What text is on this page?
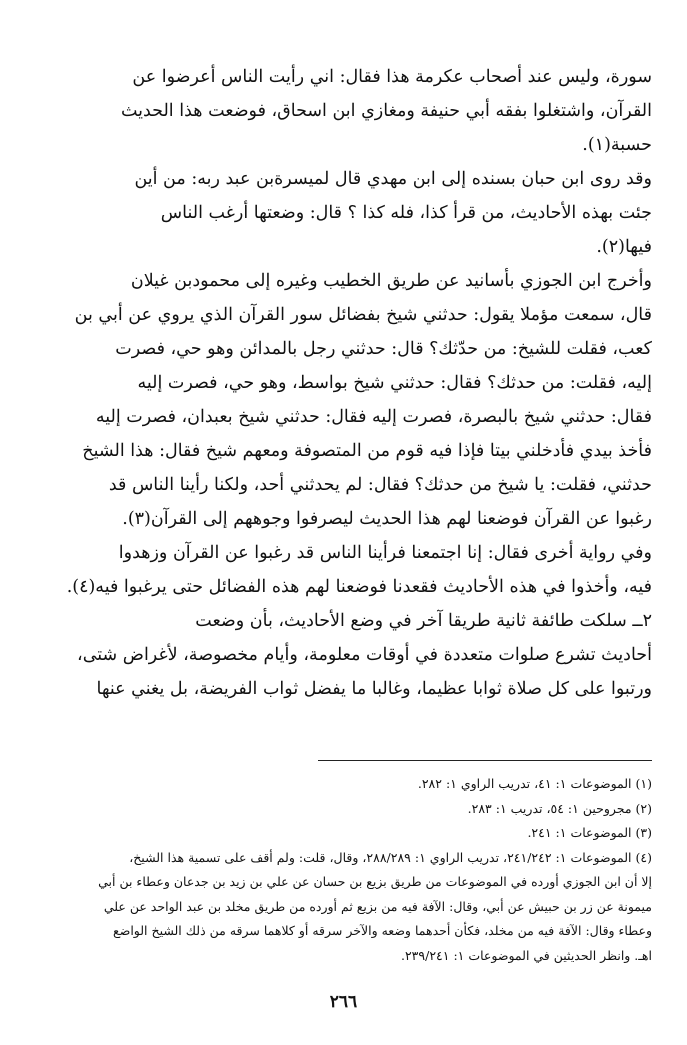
سورة، وليس عند أصحاب عكرمة هذا فقال: اني رأيت الناس أعرضوا عن
القرآن، واشتغلوا بفقه أبي حنيفة ومغازي ابن اسحاق، فوضعت هذا الحديث
حسبة(١).
وقد روى ابن حبان بسنده إلى ابن مهدي قال لميسرةبن عبد ربه: من أين
جئت بهذه الأحاديث، من قرأ كذا، فله كذا ؟ قال: وضعتها أرغب الناس
فيها(٢).
وأخرج ابن الجوزي بأسانيد عن طريق الخطيب وغيره إلى محمودبن غيلان
قال، سمعت مؤملا يقول: حدثني شيخ بفضائل سور القرآن الذي يروي عن أبي بن
كعب، فقلت للشيخ: من حدّثك؟ قال: حدثني رجل بالمدائن وهو حي، فصرت
إليه، فقلت: من حدثك؟ فقال: حدثني شيخ بواسط، وهو حي، فصرت إليه
فقال: حدثني شيخ بالبصرة، فصرت إليه فقال: حدثني شيخ بعبدان، فصرت إليه
فأخذ بيدي فأدخلني بيتا فإذا فيه قوم من المتصوفة ومعهم شيخ فقال: هذا الشيخ
حدثني، فقلت: يا شيخ من حدثك؟ فقال: لم يحدثني أحد، ولكنا رأينا الناس قد
رغبوا عن القرآن فوضعنا لهم هذا الحديث ليصرفوا وجوههم إلى القرآن(٣).
وفي رواية أخرى فقال: إنا اجتمعنا فرأينا الناس قد رغبوا عن القرآن وزهدوا
فيه، وأخذوا في هذه الأحاديث فقعدنا فوضعنا لهم هذه الفضائل حتى يرغبوا فيه(٤).
٢ــ سلكت طائفة ثانية طريقا آخر في وضع الأحاديث، بأن وضعت
أحاديث تشرع صلوات متعددة في أوقات معلومة، وأيام مخصوصة، لأغراض شتى،
ورتبوا على كل صلاة ثوابا عظيما، وغالبا ما يفضل ثواب الفريضة، بل يغني عنها
(١) الموضوعات ١: ٤١، تدريب الراوي ١: ٢٨٢.
(٢) مجروحين ١: ٥٤، تدريب ١: ٢٨٣.
(٣) الموضوعات ١: ٢٤١.
(٤) الموضوعات ١: ٢٤١/٢٤٢، تدريب الراوي ١: ٢٨٨/٢٨٩، وقال، قلت: ولم أقف على تسمية هذا الشيخ،
إلا أن ابن الجوزي أورده في الموضوعات من طريق بزيع بن حسان عن علي بن زيد بن جدعان وعطاء بن أبي
ميمونة عن زر بن حبيش عن أبي، وقال: الآفة فيه من بزيع ثم أورده من طريق مخلد بن عبد الواحد عن علي
وعطاء وقال: الآفة فيه من مخلد، فكأن أحدهما وضعه والآخر سرقه أو كلاهما سرقه من ذلك الشيخ الواضع
اهـ. وانظر الحديثين في الموضوعات ١: ٢٣٩/٢٤١.
٢٦٦
